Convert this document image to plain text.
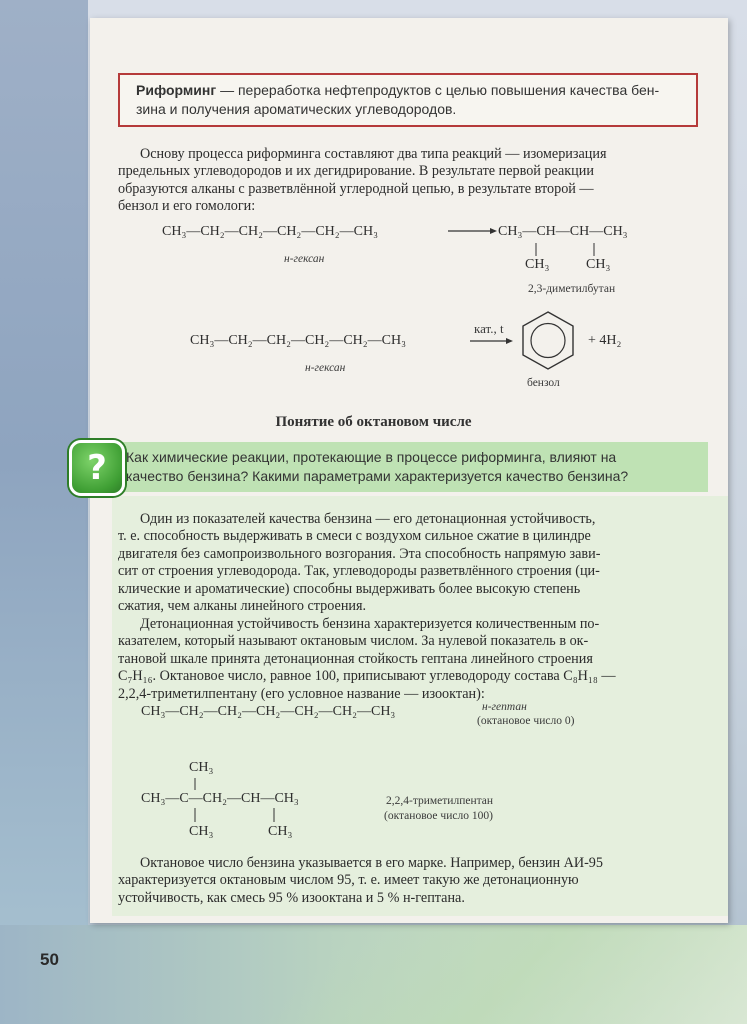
Риформинг — переработка нефтепродуктов с целью повышения качества бен-
зина и получения ароматических углеводородов.
Основу процесса риформинга составляют два типа реакций — изомеризация
предельных углеводородов и их дегидрирование. В результате первой реакции
образуются алканы с разветвлённой углеродной цепью, в результате второй —
бензол и его гомологи:
CH₃—CH₂—CH₂—CH₂—CH₂—CH₃
н-гексан
CH₃—CH—CH—CH₃
CH₃	CH₃
2,3-диметилбутан
CH₃—CH₂—CH₂—CH₂—CH₂—CH₃
н-гексан
кат., t
+ 4H₂
бензол
Понятие об октановом числе
Как химические реакции, протекающие в процессе риформинга, влияют на
качество бензина? Какими параметрами характеризуется качество бензина?
?
Один из показателей качества бензина — его детонационная устойчивость,
т. е. способность выдерживать в смеси с воздухом сильное сжатие в цилиндре
двигателя без самопроизвольного возгорания. Эта способность напрямую зави-
сит от строения углеводорода. Так, углеводороды разветвлённого строения (ци-
клические и ароматические) способны выдерживать более высокую степень
сжатия, чем алканы линейного строения.
Детонационная устойчивость бензина характеризуется количественным по-
казателем, который называют октановым числом. За нулевой показатель в ок-
тановой шкале принята детонационная стойкость гептана линейного строения
C₇H₁₆. Октановое число, равное 100, приписывают углеводороду состава C₈H₁₈ —
2,2,4-триметилпентану (его условное название — изооктан):
CH₃—CH₂—CH₂—CH₂—CH₂—CH₂—CH₃	н-гептан
(октановое число 0)
CH₃
CH₃—C—CH₂—CH—CH₃
CH₃	CH₃
2,2,4-триметилпентан
(октановое число 100)
Октановое число бензина указывается в его марке. Например, бензин АИ-95
характеризуется октановым числом 95, т. е. имеет такую же детонационную
устойчивость, как смесь 95 % изооктана и 5 % н-гептана.
50
